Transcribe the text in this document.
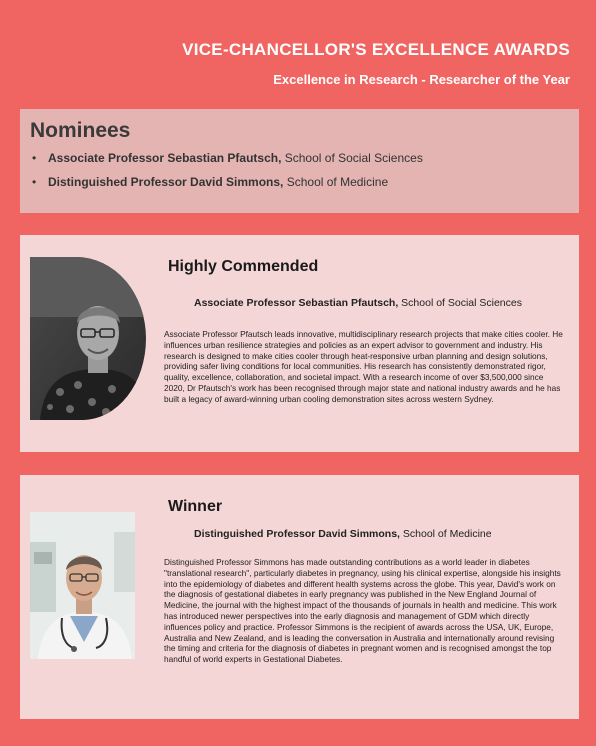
VICE-CHANCELLOR'S EXCELLENCE AWARDS
Excellence in Research - Researcher of the Year
Nominees
• Associate Professor Sebastian Pfautsch, School of Social Sciences
• Distinguished Professor David Simmons, School of Medicine
Highly Commended
Associate Professor Sebastian Pfautsch, School of Social Sciences

Associate Professor Pfautsch leads innovative, multidisciplinary research projects that make cities cooler. He influences urban resilience strategies and policies as an expert advisor to government and industry. His research is designed to make cities cooler through heat-responsive urban planning and design solutions, providing safer living conditions for local communities. His research has consistently demonstrated rigor, quality, excellence, collaboration, and societal impact. With a research income of over $3,500,000 since 2020, Dr Pfautsch's work has been recognised through major state and national industry awards and he has built a legacy of award-winning urban cooling demonstration sites across western Sydney.

Winner
Distinguished Professor David Simmons, School of Medicine

Distinguished Professor Simmons has made outstanding contributions as a world leader in diabetes "translational research", particularly diabetes in pregnancy, using his clinical expertise, alongside his insights into the epidemiology of diabetes and different health systems across the globe. This year, David's work on the diagnosis of gestational diabetes in early pregnancy was published in the New England Journal of Medicine, the journal with the highest impact of the thousands of journals in health and medicine. This work has introduced newer perspectives into the early diagnosis and management of GDM which directly influences policy and practice. Professor Simmons is the recipient of awards across the USA, UK, Europe, Australia and New Zealand, and is leading the conversation in Australia and internationally around revising the timing and criteria for the diagnosis of diabetes in pregnant women and is recognised amongst the top handful of world experts in Gestational Diabetes.
